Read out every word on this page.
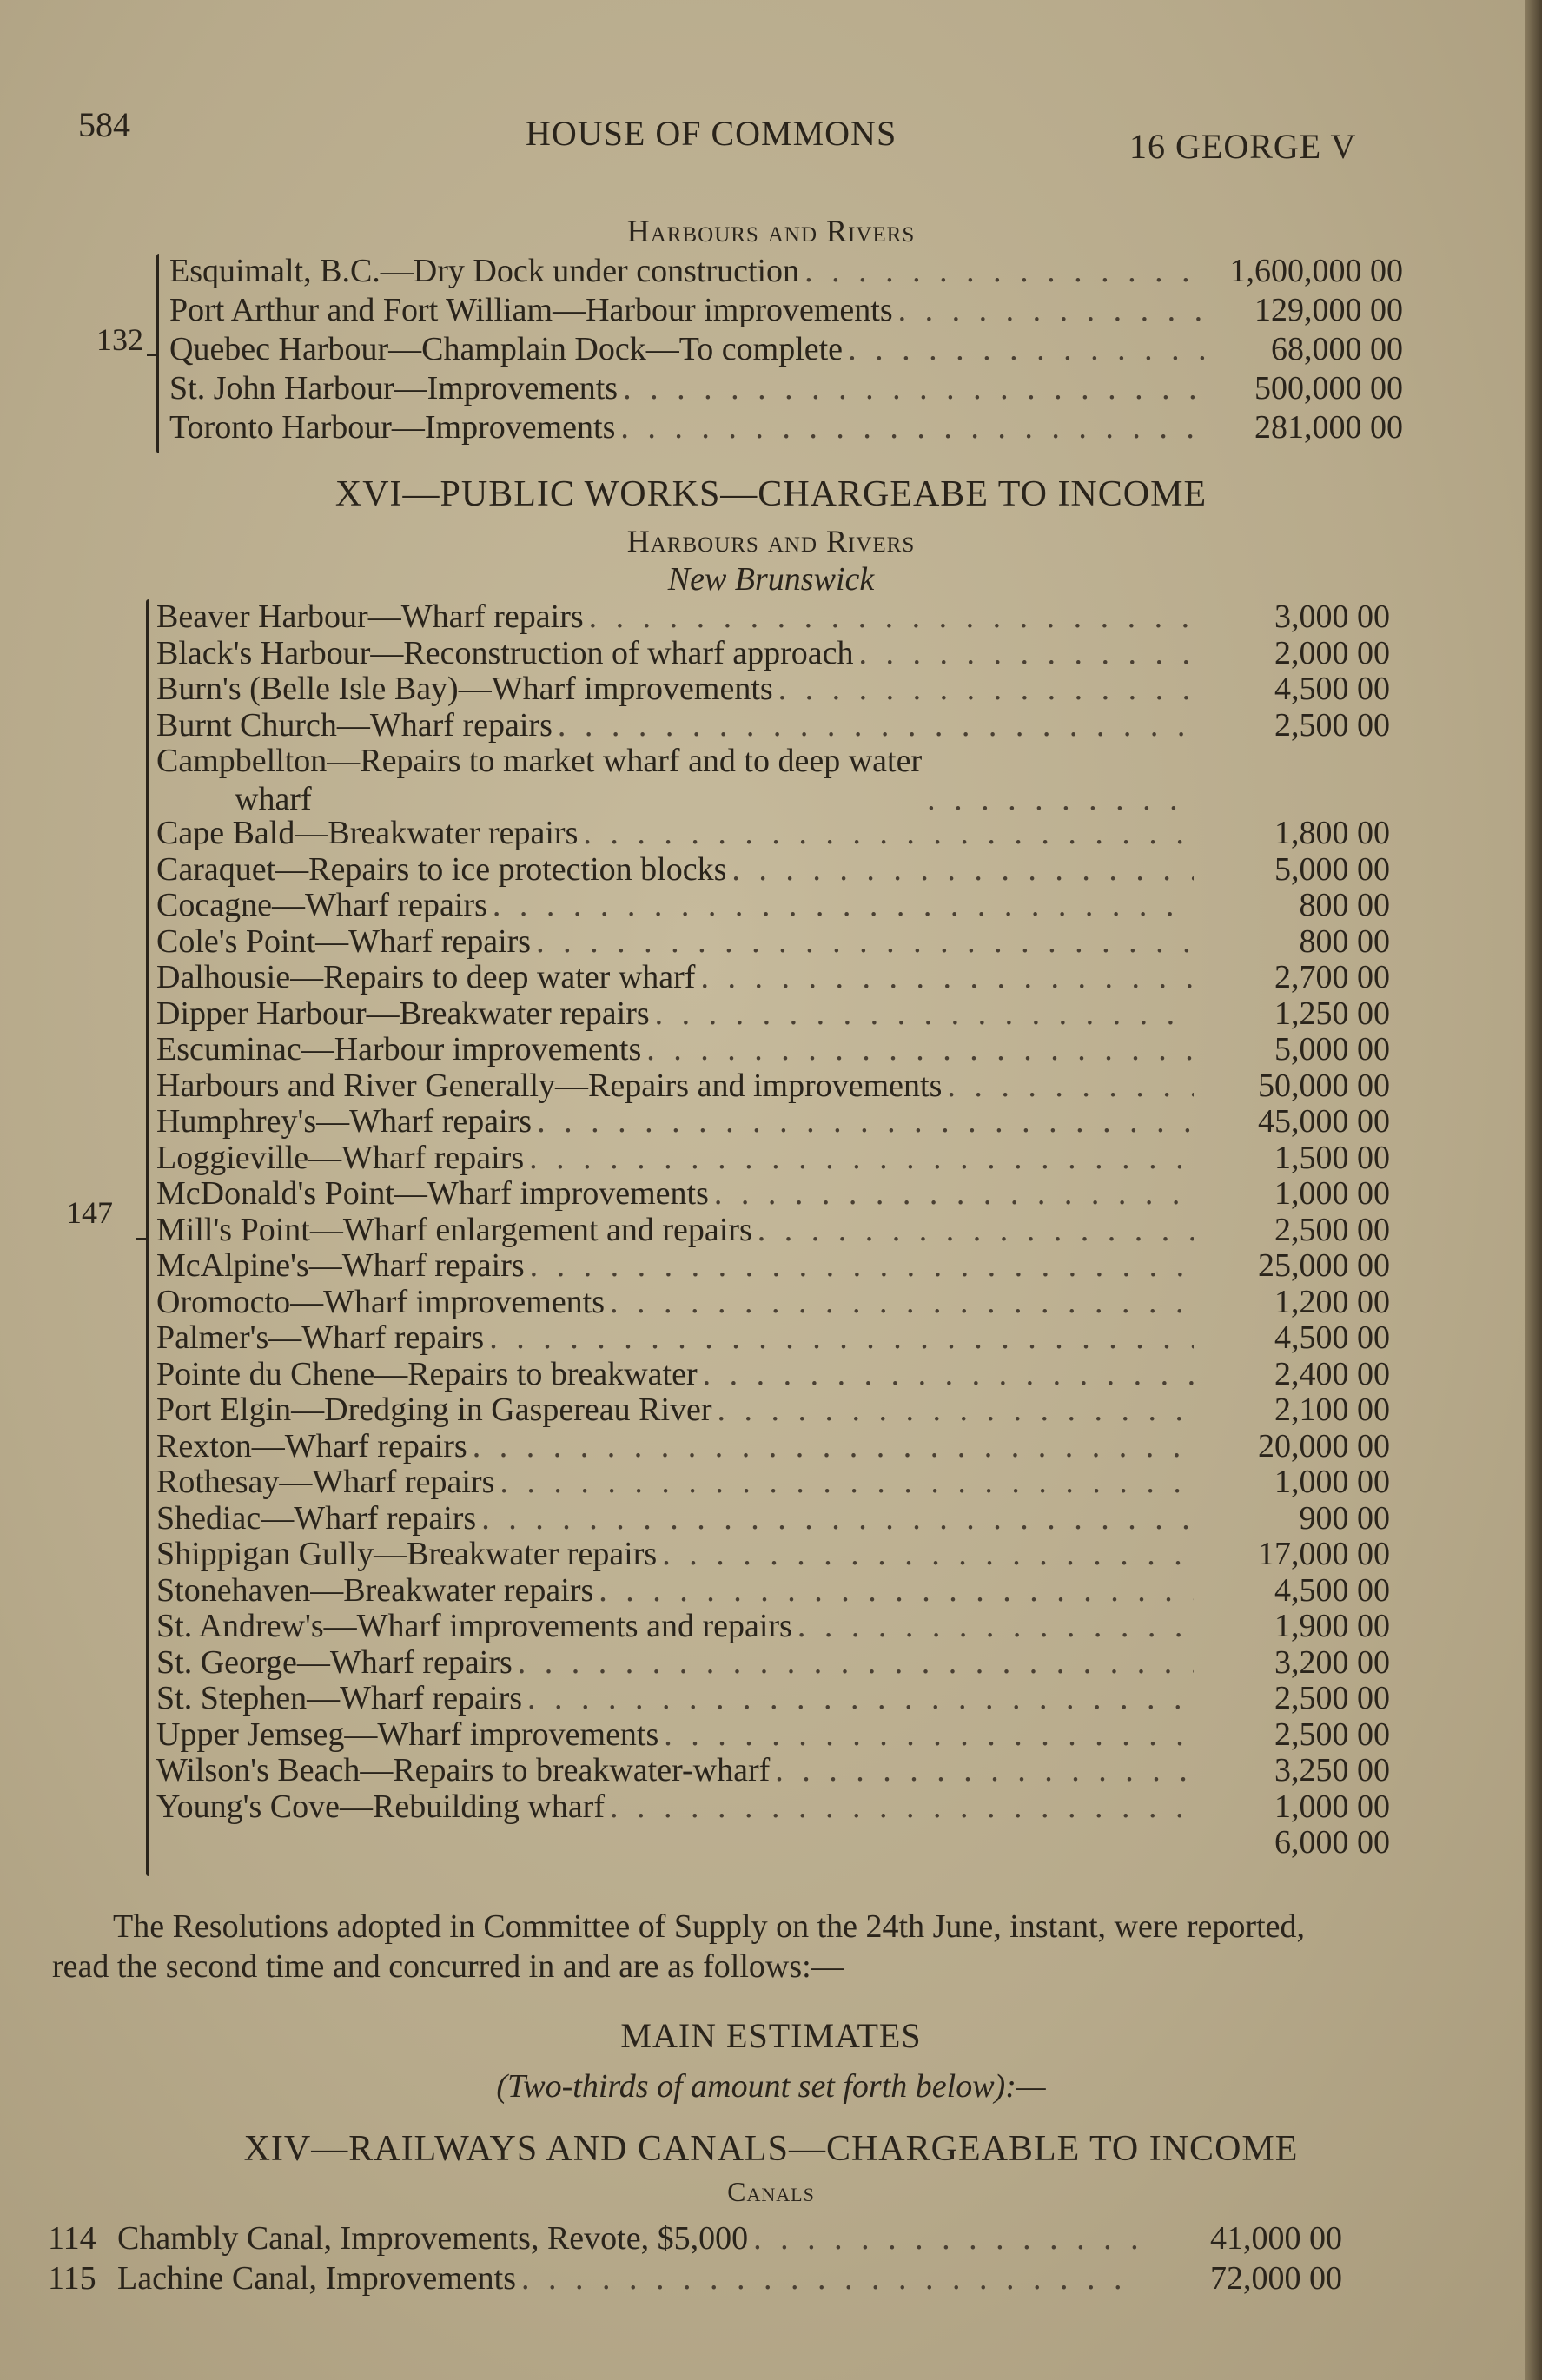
584	HOUSE OF COMMONS	16 GEORGE V
Harbours and Rivers
132
Esquimalt, B.C.—Dry Dock under construction . . .	1,600,000 00
Port Arthur and Fort William—Harbour improvements . . .	129,000 00
Quebec Harbour—Champlain Dock—To complete . . .	68,000 00
St. John Harbour—Improvements . . .	500,000 00
Toronto Harbour—Improvements . . .	281,000 00
XVI—PUBLIC WORKS—CHARGEABE TO INCOME
Harbours and Rivers
New Brunswick
147
Beaver Harbour—Wharf repairs . . .	3,000 00
Black's Harbour—Reconstruction of wharf approach . . .	2,000 00
Burn's (Belle Isle Bay)—Wharf improvements . . .	4,500 00
Burnt Church—Wharf repairs . . .	2,500 00
Campbellton—Repairs to market wharf and to deep water
wharf
. . .
Cape Bald—Breakwater repairs . . .	1,800 00
Caraquet—Repairs to ice protection blocks . . .	5,000 00
Cocagne—Wharf repairs . . .	800 00
Cole's Point—Wharf repairs . . .	800 00
Dalhousie—Repairs to deep water wharf . . .	2,700 00
Dipper Harbour—Breakwater repairs . . .	1,250 00
Escuminac—Harbour improvements . . .	5,000 00
Harbours and River Generally—Repairs and improvements . . .	50,000 00
Humphrey's—Wharf repairs . . .	45,000 00
Loggieville—Wharf repairs . . .	1,500 00
McDonald's Point—Wharf improvements . . .	1,000 00
Mill's Point—Wharf enlargement and repairs . . .	2,500 00
McAlpine's—Wharf repairs . . .	25,000 00
Oromocto—Wharf improvements . . .	1,200 00
Palmer's—Wharf repairs . . .	4,500 00
Pointe du Chene—Repairs to breakwater . . .	2,400 00
Port Elgin—Dredging in Gaspereau River . . .	2,100 00
Rexton—Wharf repairs . . .	20,000 00
Rothesay—Wharf repairs . . .	1,000 00
Shediac—Wharf repairs . . .	900 00
Shippigan Gully—Breakwater repairs . . .	17,000 00
Stonehaven—Breakwater repairs . . .	4,500 00
St. Andrew's—Wharf improvements and repairs . . .	1,900 00
St. George—Wharf repairs . . .	3,200 00
St. Stephen—Wharf repairs . . .	2,500 00
Upper Jemseg—Wharf improvements . . .	2,500 00
Wilson's Beach—Repairs to breakwater-wharf . . .	3,250 00
Young's Cove—Rebuilding wharf . . .	1,000 00
6,000 00
The Resolutions adopted in Committee of Supply on the 24th June, instant, were reported, read the second time and concurred in and are as follows:—
MAIN ESTIMATES
(Two-thirds of amount set forth below):—
XIV—RAILWAYS AND CANALS—CHARGEABLE TO INCOME
Canals
114 Chambly Canal, Improvements, Revote, $5,000 . . .	41,000 00
115 Lachine Canal, Improvements . . .	72,000 00
